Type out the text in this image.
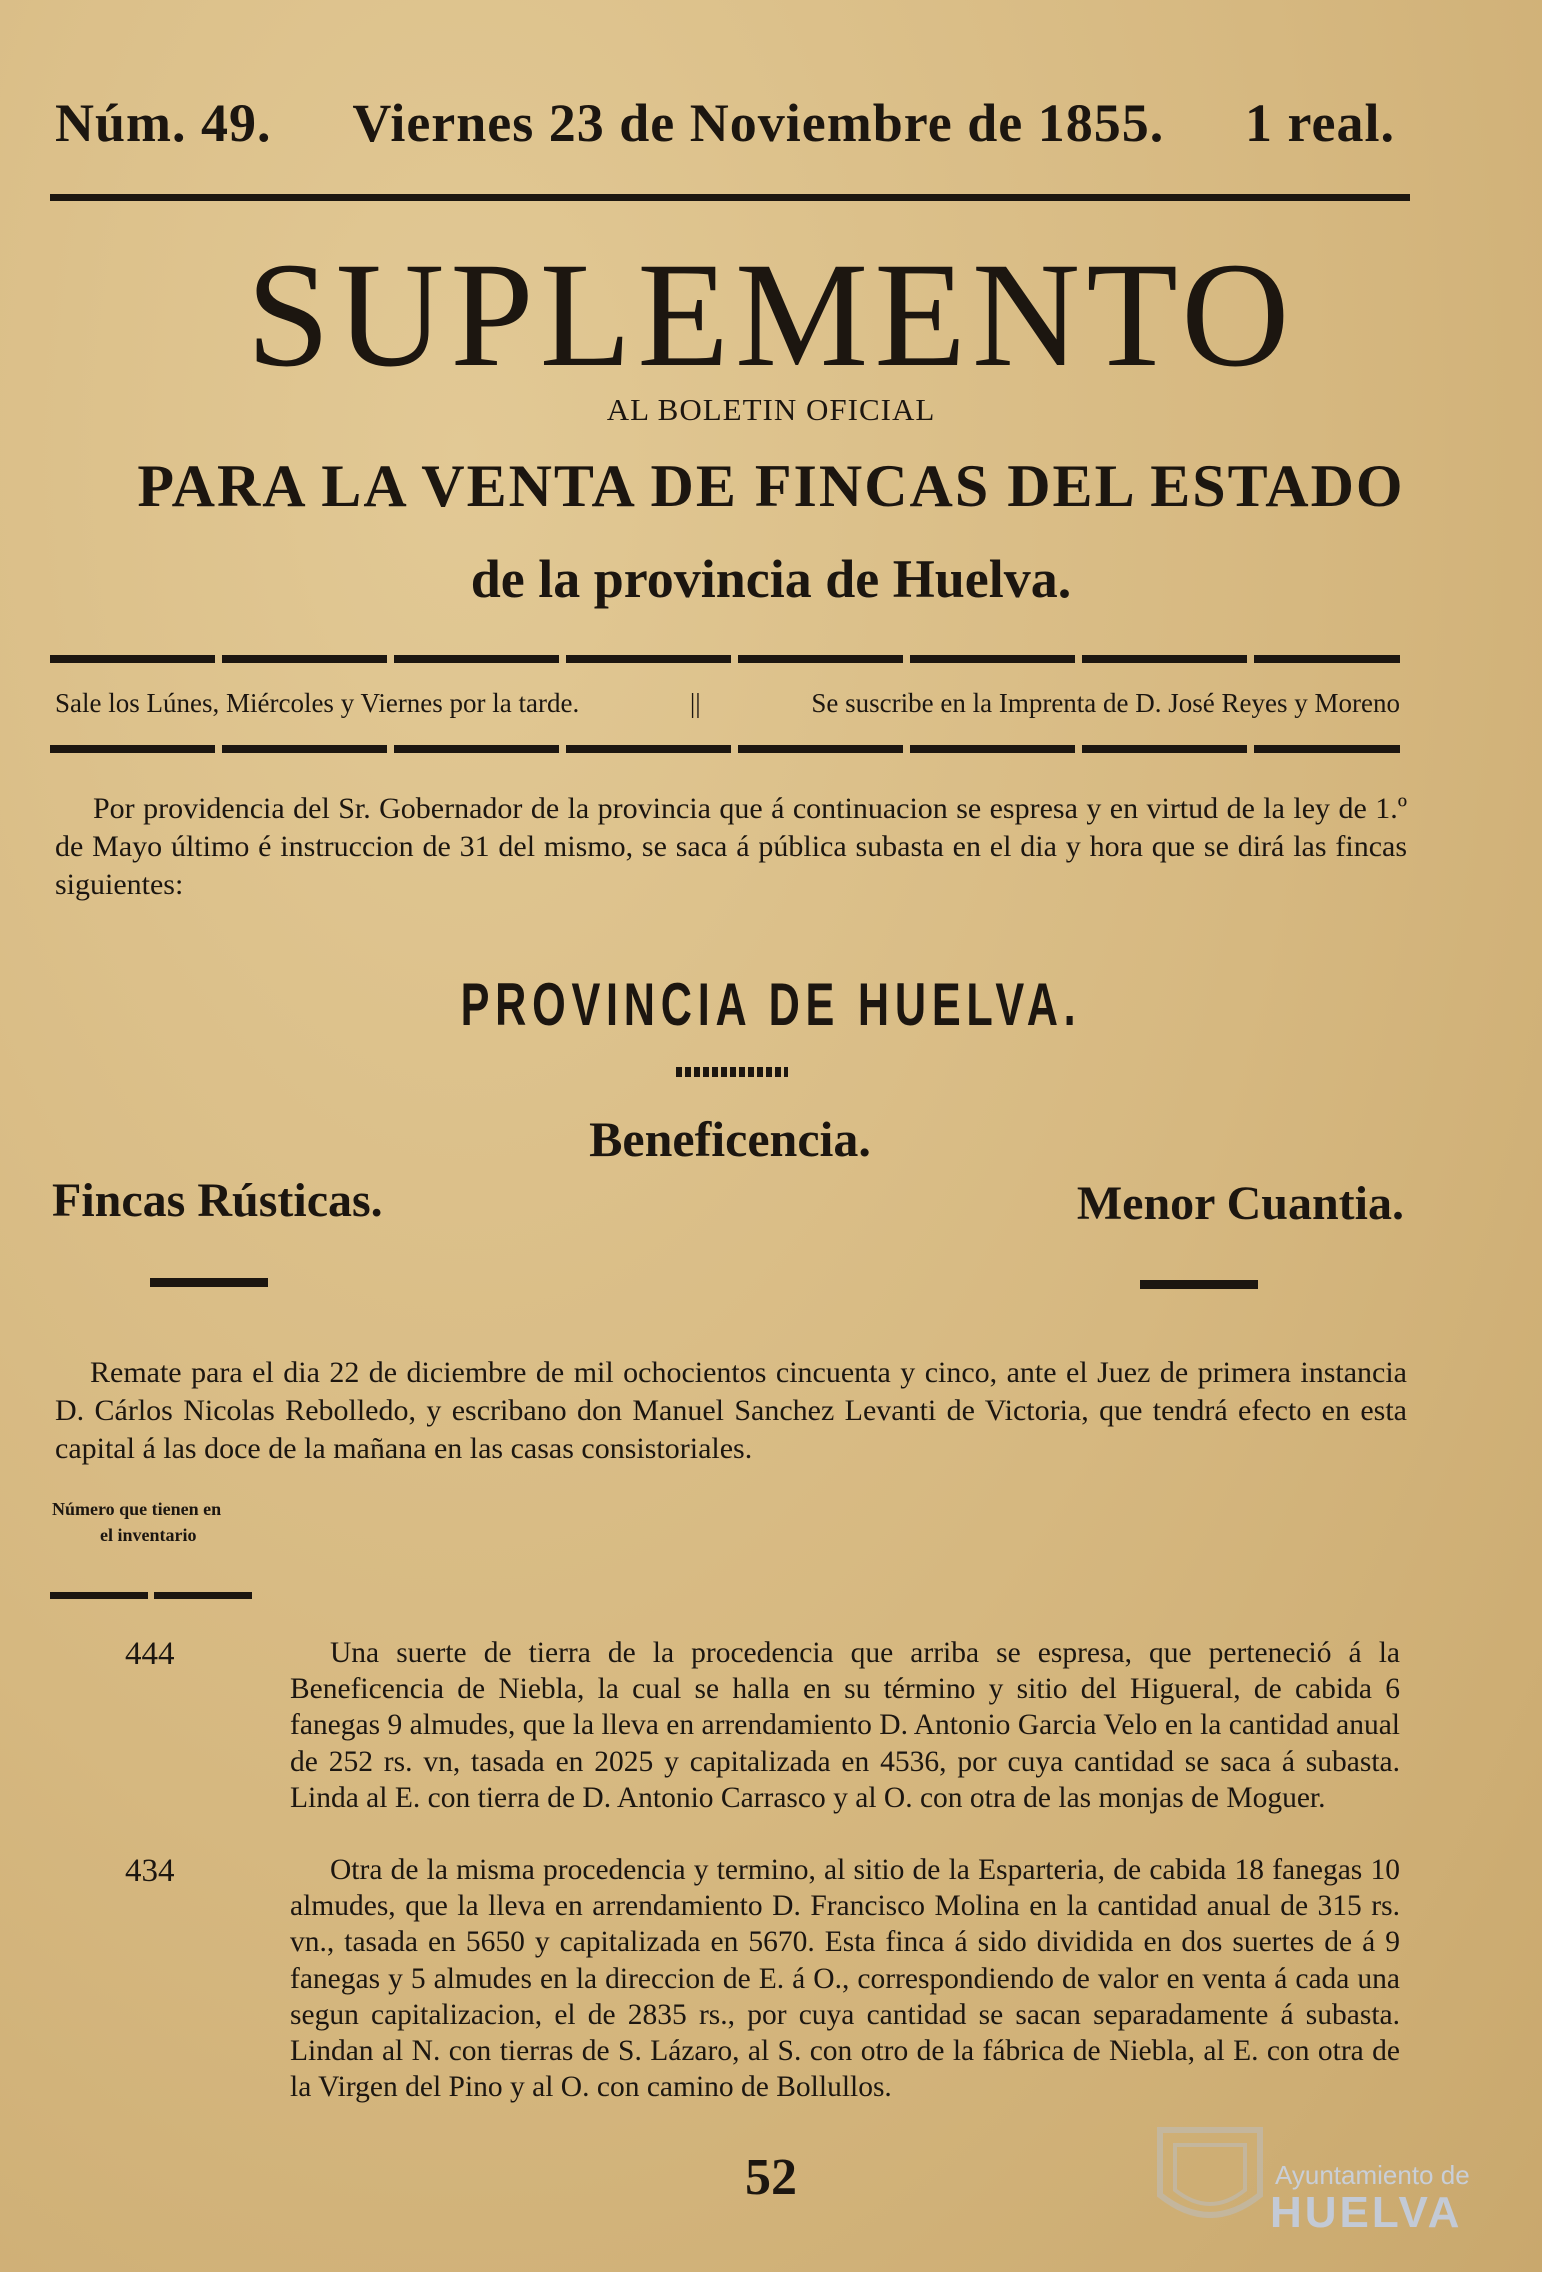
Núm. 49. Viernes 23 de Noviembre de 1855. 1 real.
SUPLEMENTO
AL BOLETIN OFICIAL
PARA LA VENTA DE FINCAS DEL ESTADO
de la provincia de Huelva.
Sale los Lúnes, Miércoles y Viernes por la tarde.	||	Se suscribe en la Imprenta de D. José Reyes y Moreno
Por providencia del Sr. Gobernador de la provincia que á continuacion se espresa y en virtud de la ley de 1.º de Mayo último é instruccion de 31 del mismo, se saca á pública subasta en el dia y hora que se dirá las fincas siguientes:
PROVINCIA DE HUELVA.
Beneficencia.
Fincas Rústicas.	Menor Cuantia.
Remate para el dia 22 de diciembre de mil ochocientos cincuenta y cinco, ante el Juez de primera instancia D. Cárlos Nicolas Rebolledo, y escribano don Manuel Sanchez Levanti de Victoria, que tendrá efecto en esta capital á las doce de la mañana en las casas consistoriales.
Número que tienen en
el inventario
444	Una suerte de tierra de la procedencia que arriba se espresa, que perteneció á la Beneficencia de Niebla, la cual se halla en su término y sitio del Higueral, de cabida 6 fanegas 9 almudes, que la lleva en arrendamiento D. Antonio Garcia Velo en la cantidad anual de 252 rs. vn, tasada en 2025 y capitalizada en 4536, por cuya cantidad se saca á subasta. Linda al E. con tierra de D. Antonio Carrasco y al O. con otra de las monjas de Moguer.
434	Otra de la misma procedencia y termino, al sitio de la Esparteria, de cabida 18 fanegas 10 almudes, que la lleva en arrendamiento D. Francisco Molina en la cantidad anual de 315 rs. vn., tasada en 5650 y capitalizada en 5670. Esta finca á sido dividida en dos suertes de á 9 fanegas y 5 almudes en la direccion de E. á O., correspondiendo de valor en venta á cada una segun capitalizacion, el de 2835 rs., por cuya cantidad se sacan separadamente á subasta. Lindan al N. con tierras de S. Lázaro, al S. con otro de la fábrica de Niebla, al E. con otra de la Virgen del Pino y al O. con camino de Bollullos.
52	Ayuntamiento de
HUELVA
